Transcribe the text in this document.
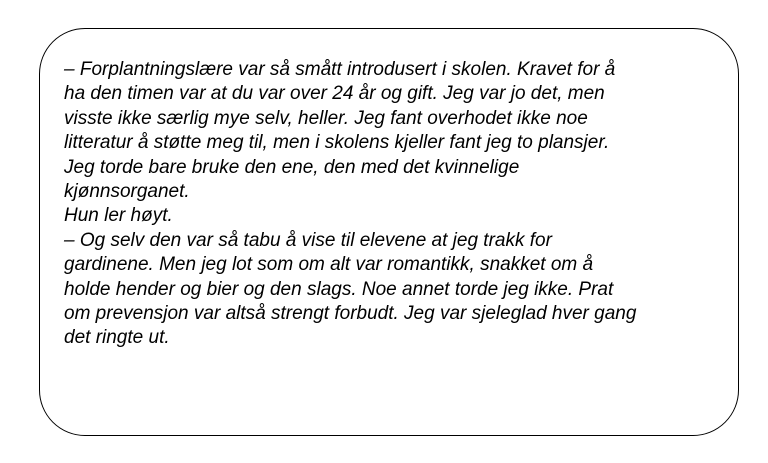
– Forplantningslære var så smått introdusert i skolen. Kravet for å
ha den timen var at du var over 24 år og gift. Jeg var jo det, men
visste ikke særlig mye selv, heller. Jeg fant overhodet ikke noe
litteratur å støtte meg til, men i skolens kjeller fant jeg to plansjer.
Jeg torde bare bruke den ene, den med det kvinnelige
kjønnsorganet.
Hun ler høyt.
– Og selv den var så tabu å vise til elevene at jeg trakk for
gardinene. Men jeg lot som om alt var romantikk, snakket om å
holde hender og bier og den slags. Noe annet torde jeg ikke. Prat
om prevensjon var altså strengt forbudt. Jeg var sjeleglad hver gang
det ringte ut.
